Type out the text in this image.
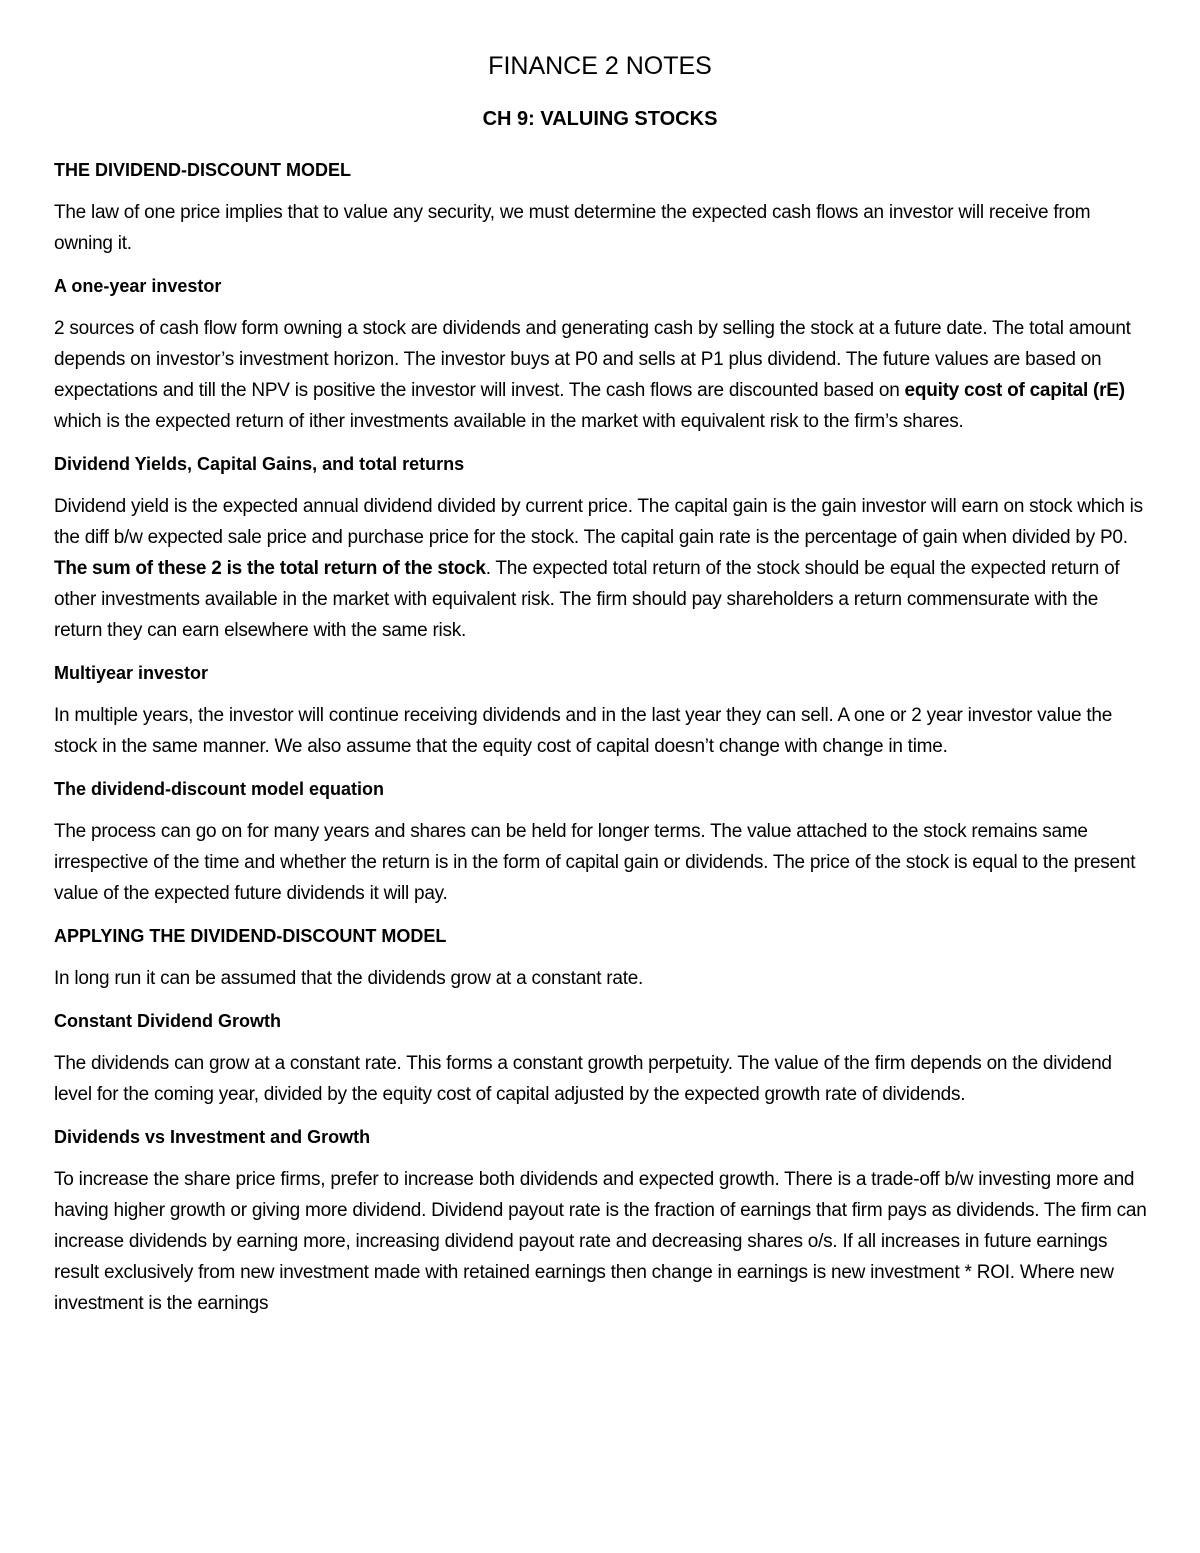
FINANCE 2 NOTES
CH 9: VALUING STOCKS

THE DIVIDEND-DISCOUNT MODEL

The law of one price implies that to value any security, we must determine the expected cash flows an investor will receive from owning it.

A one-year investor

2 sources of cash flow form owning a stock are dividends and generating cash by selling the stock at a future date. The total amount depends on investor’s investment horizon. The investor buys at P0 and sells at P1 plus dividend. The future values are based on expectations and till the NPV is positive the investor will invest. The cash flows are discounted based on equity cost of capital (rE) which is the expected return of ither investments available in the market with equivalent risk to the firm’s shares.

Dividend Yields, Capital Gains, and total returns

Dividend yield is the expected annual dividend divided by current price. The capital gain is the gain investor will earn on stock which is the diff b/w expected sale price and purchase price for the stock. The capital gain rate is the percentage of gain when divided by P0. The sum of these 2 is the total return of the stock. The expected total return of the stock should be equal the expected return of other investments available in the market with equivalent risk. The firm should pay shareholders a return commensurate with the return they can earn elsewhere with the same risk.

Multiyear investor

In multiple years, the investor will continue receiving dividends and in the last year they can sell. A one or 2 year investor value the stock in the same manner. We also assume that the equity cost of capital doesn’t change with change in time.

The dividend-discount model equation

The process can go on for many years and shares can be held for longer terms. The value attached to the stock remains same irrespective of the time and whether the return is in the form of capital gain or dividends. The price of the stock is equal to the present value of the expected future dividends it will pay.

APPLYING THE DIVIDEND-DISCOUNT MODEL

In long run it can be assumed that the dividends grow at a constant rate.

Constant Dividend Growth

The dividends can grow at a constant rate. This forms a constant growth perpetuity. The value of the firm depends on the dividend level for the coming year, divided by the equity cost of capital adjusted by the expected growth rate of dividends.

Dividends vs Investment and Growth

To increase the share price firms, prefer to increase both dividends and expected growth. There is a trade-off b/w investing more and having higher growth or giving more dividend. Dividend payout rate is the fraction of earnings that firm pays as dividends. The firm can increase dividends by earning more, increasing dividend payout rate and decreasing shares o/s. If all increases in future earnings result exclusively from new investment made with retained earnings then change in earnings is new investment * ROI. Where new investment is the earnings
